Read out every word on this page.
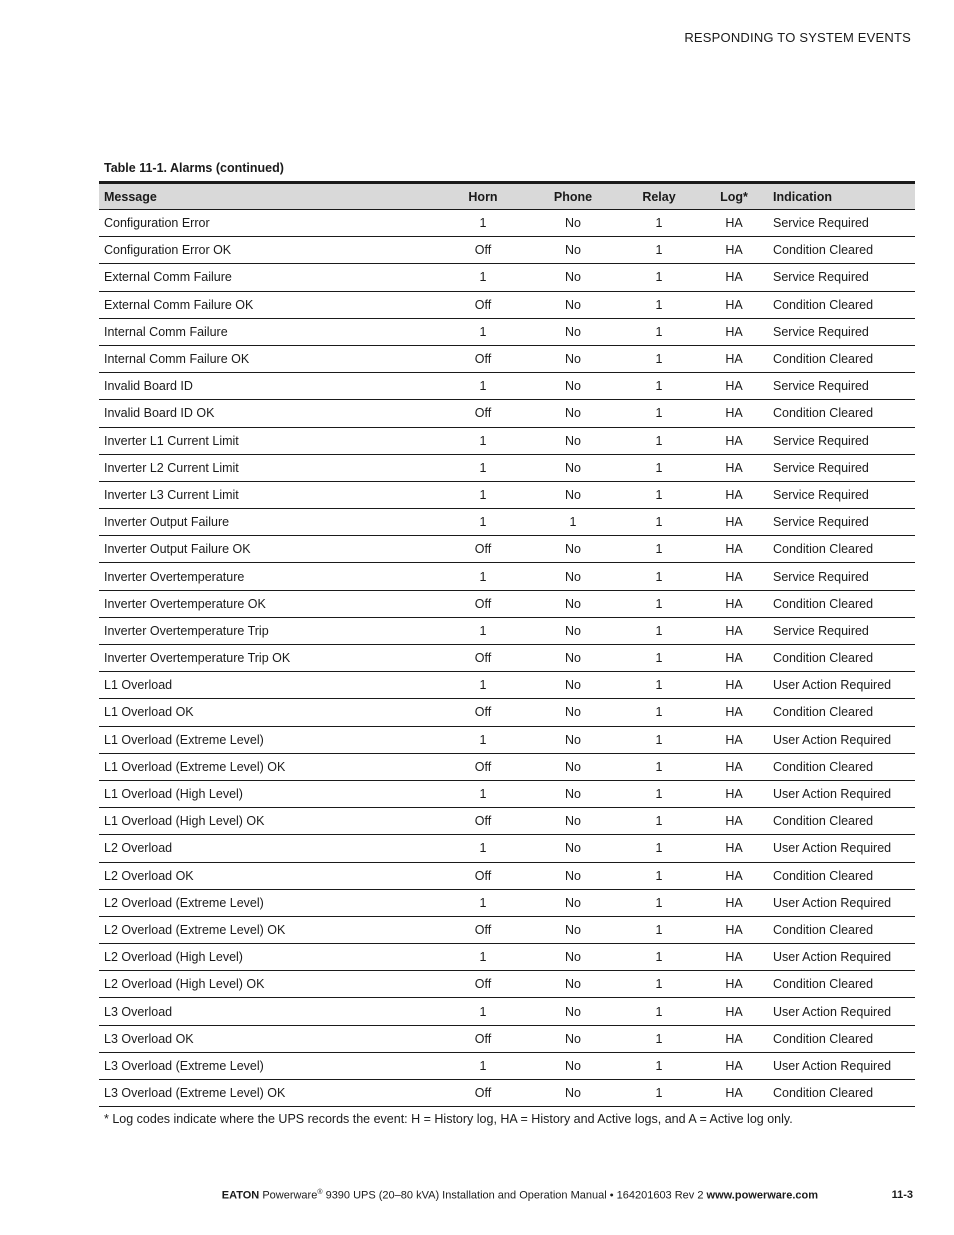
RESPONDING TO SYSTEM EVENTS
Table 11-1. Alarms (continued)
Message	Horn	Phone	Relay	Log*	Indication
Configuration Error	1	No	1	HA	Service Required
Configuration Error OK	Off	No	1	HA	Condition Cleared
External Comm Failure	1	No	1	HA	Service Required
External Comm Failure OK	Off	No	1	HA	Condition Cleared
Internal Comm Failure	1	No	1	HA	Service Required
Internal Comm Failure OK	Off	No	1	HA	Condition Cleared
Invalid Board ID	1	No	1	HA	Service Required
Invalid Board ID OK	Off	No	1	HA	Condition Cleared
Inverter L1 Current Limit	1	No	1	HA	Service Required
Inverter L2 Current Limit	1	No	1	HA	Service Required
Inverter L3 Current Limit	1	No	1	HA	Service Required
Inverter Output Failure	1	1	1	HA	Service Required
Inverter Output Failure OK	Off	No	1	HA	Condition Cleared
Inverter Overtemperature	1	No	1	HA	Service Required
Inverter Overtemperature OK	Off	No	1	HA	Condition Cleared
Inverter Overtemperature Trip	1	No	1	HA	Service Required
Inverter Overtemperature Trip OK	Off	No	1	HA	Condition Cleared
L1 Overload	1	No	1	HA	User Action Required
L1 Overload OK	Off	No	1	HA	Condition Cleared
L1 Overload (Extreme Level)	1	No	1	HA	User Action Required
L1 Overload (Extreme Level) OK	Off	No	1	HA	Condition Cleared
L1 Overload (High Level)	1	No	1	HA	User Action Required
L1 Overload (High Level) OK	Off	No	1	HA	Condition Cleared
L2 Overload	1	No	1	HA	User Action Required
L2 Overload OK	Off	No	1	HA	Condition Cleared
L2 Overload (Extreme Level)	1	No	1	HA	User Action Required
L2 Overload (Extreme Level) OK	Off	No	1	HA	Condition Cleared
L2 Overload (High Level)	1	No	1	HA	User Action Required
L2 Overload (High Level) OK	Off	No	1	HA	Condition Cleared
L3 Overload	1	No	1	HA	User Action Required
L3 Overload OK	Off	No	1	HA	Condition Cleared
L3 Overload (Extreme Level)	1	No	1	HA	User Action Required
L3 Overload (Extreme Level) OK	Off	No	1	HA	Condition Cleared
* Log codes indicate where the UPS records the event: H = History log, HA = History and Active logs, and A = Active log only.
EATON Powerware® 9390 UPS (20–80 kVA) Installation and Operation Manual • 164201603 Rev 2 www.powerware.com	11-3
